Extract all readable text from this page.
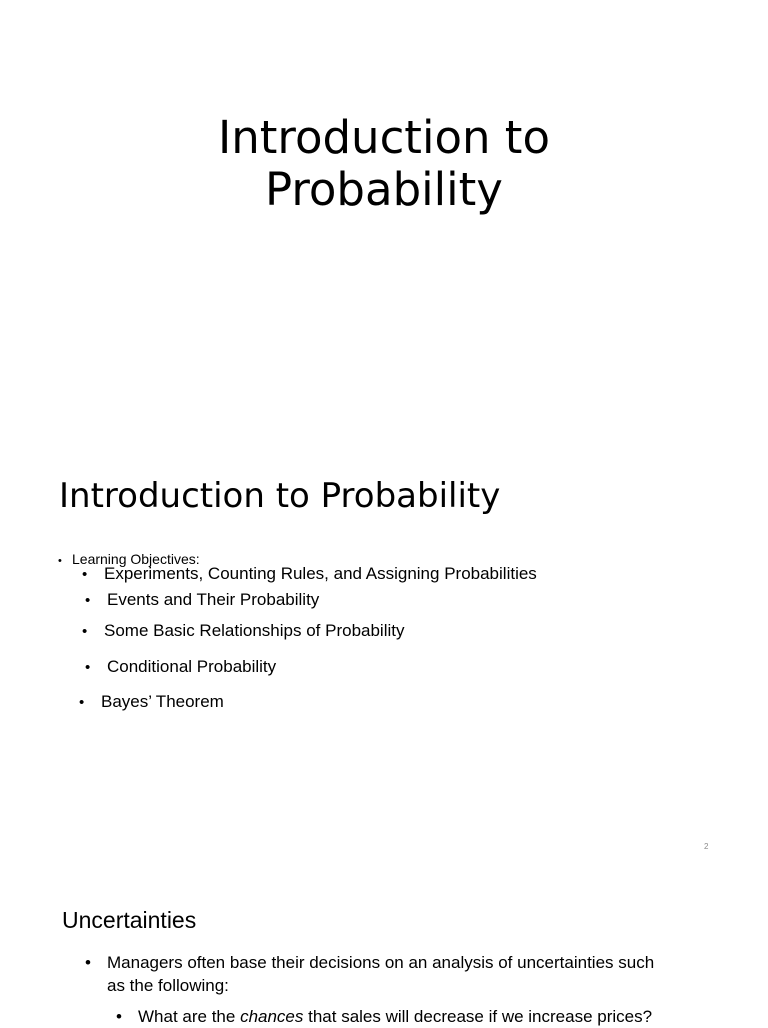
Introduction to
Probability
Introduction to Probability
• Learning Objectives:
• Experiments, Counting Rules, and Assigning Probabilities
• Events and Their Probability
• Some Basic Relationships of Probability
• Conditional Probability
• Bayes’ Theorem
2
Uncertainties
• Managers often base their decisions on an analysis of uncertainties such
as the following:
• What are the chances that sales will decrease if we increase prices?
